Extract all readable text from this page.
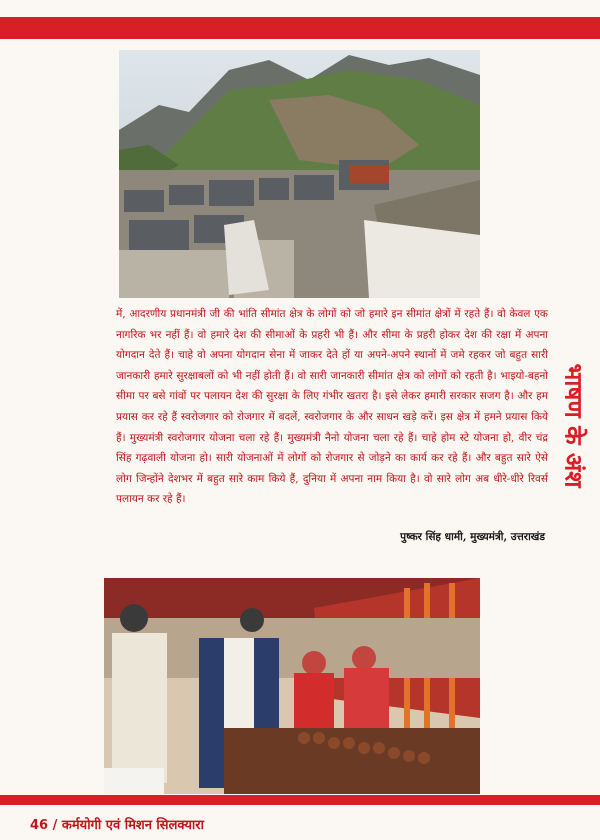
में, आदरणीय प्रधानमंत्री जी की भांति सीमांत क्षेत्र के लोगों को जो हमारे इन सीमांत क्षेत्रों में रहते हैं। वो केवल एक नागरिक भर नहीं हैं। वो हमारे देश की सीमाओं के प्रहरी भी हैं। और सीमा के प्रहरी होकर देश की रक्षा में अपना योगदान देते हैं। चाहे वो अपना योगदान सेना में जाकर देते हों या अपने-अपने स्थानों में जमे रहकर जो बहुत सारी जानकारी हमारे सुरक्षाबलों को भी नहीं होती हैं। वो सारी जानकारी सीमांत क्षेत्र को लोगों को रहती है। भाइयो-बहनो सीमा पर बसे गांवों पर पलायन देश की सुरक्षा के लिए गंभीर खतरा है। इसे लेकर हमारी सरकार सजग है। और हम प्रयास कर रहे हैं स्वरोजगार को रोजगार में बदलें, स्वरोजगार के और साधन खड़े करें। इस क्षेत्र में हमने प्रयास किये हैं। मुख्यमंत्री स्वरोजगार योजना चला रहे हैं। मुख्यमंत्री नैनो योजना चला रहे हैं। चाहे होम स्टे योजना हो, वीर चंद्र सिंह गढ़वाली योजना हो। सारी योजनाओं में लोगों को रोजगार से जोड़ने का कार्य कर रहे हैं। और बहुत सारे ऐसे लोग जिन्होंने देशभर में बहुत सारे काम किये हैं, दुनिया में अपना नाम किया है। वो सारे लोग अब धीरे-धीरे रिवर्स पलायन कर रहे हैं।

पुष्कर सिंह धामी, मुख्यमंत्री, उत्तराखंड
भाषण के अंश
46 / कर्मयोगी एवं मिशन सिलक्यारा
